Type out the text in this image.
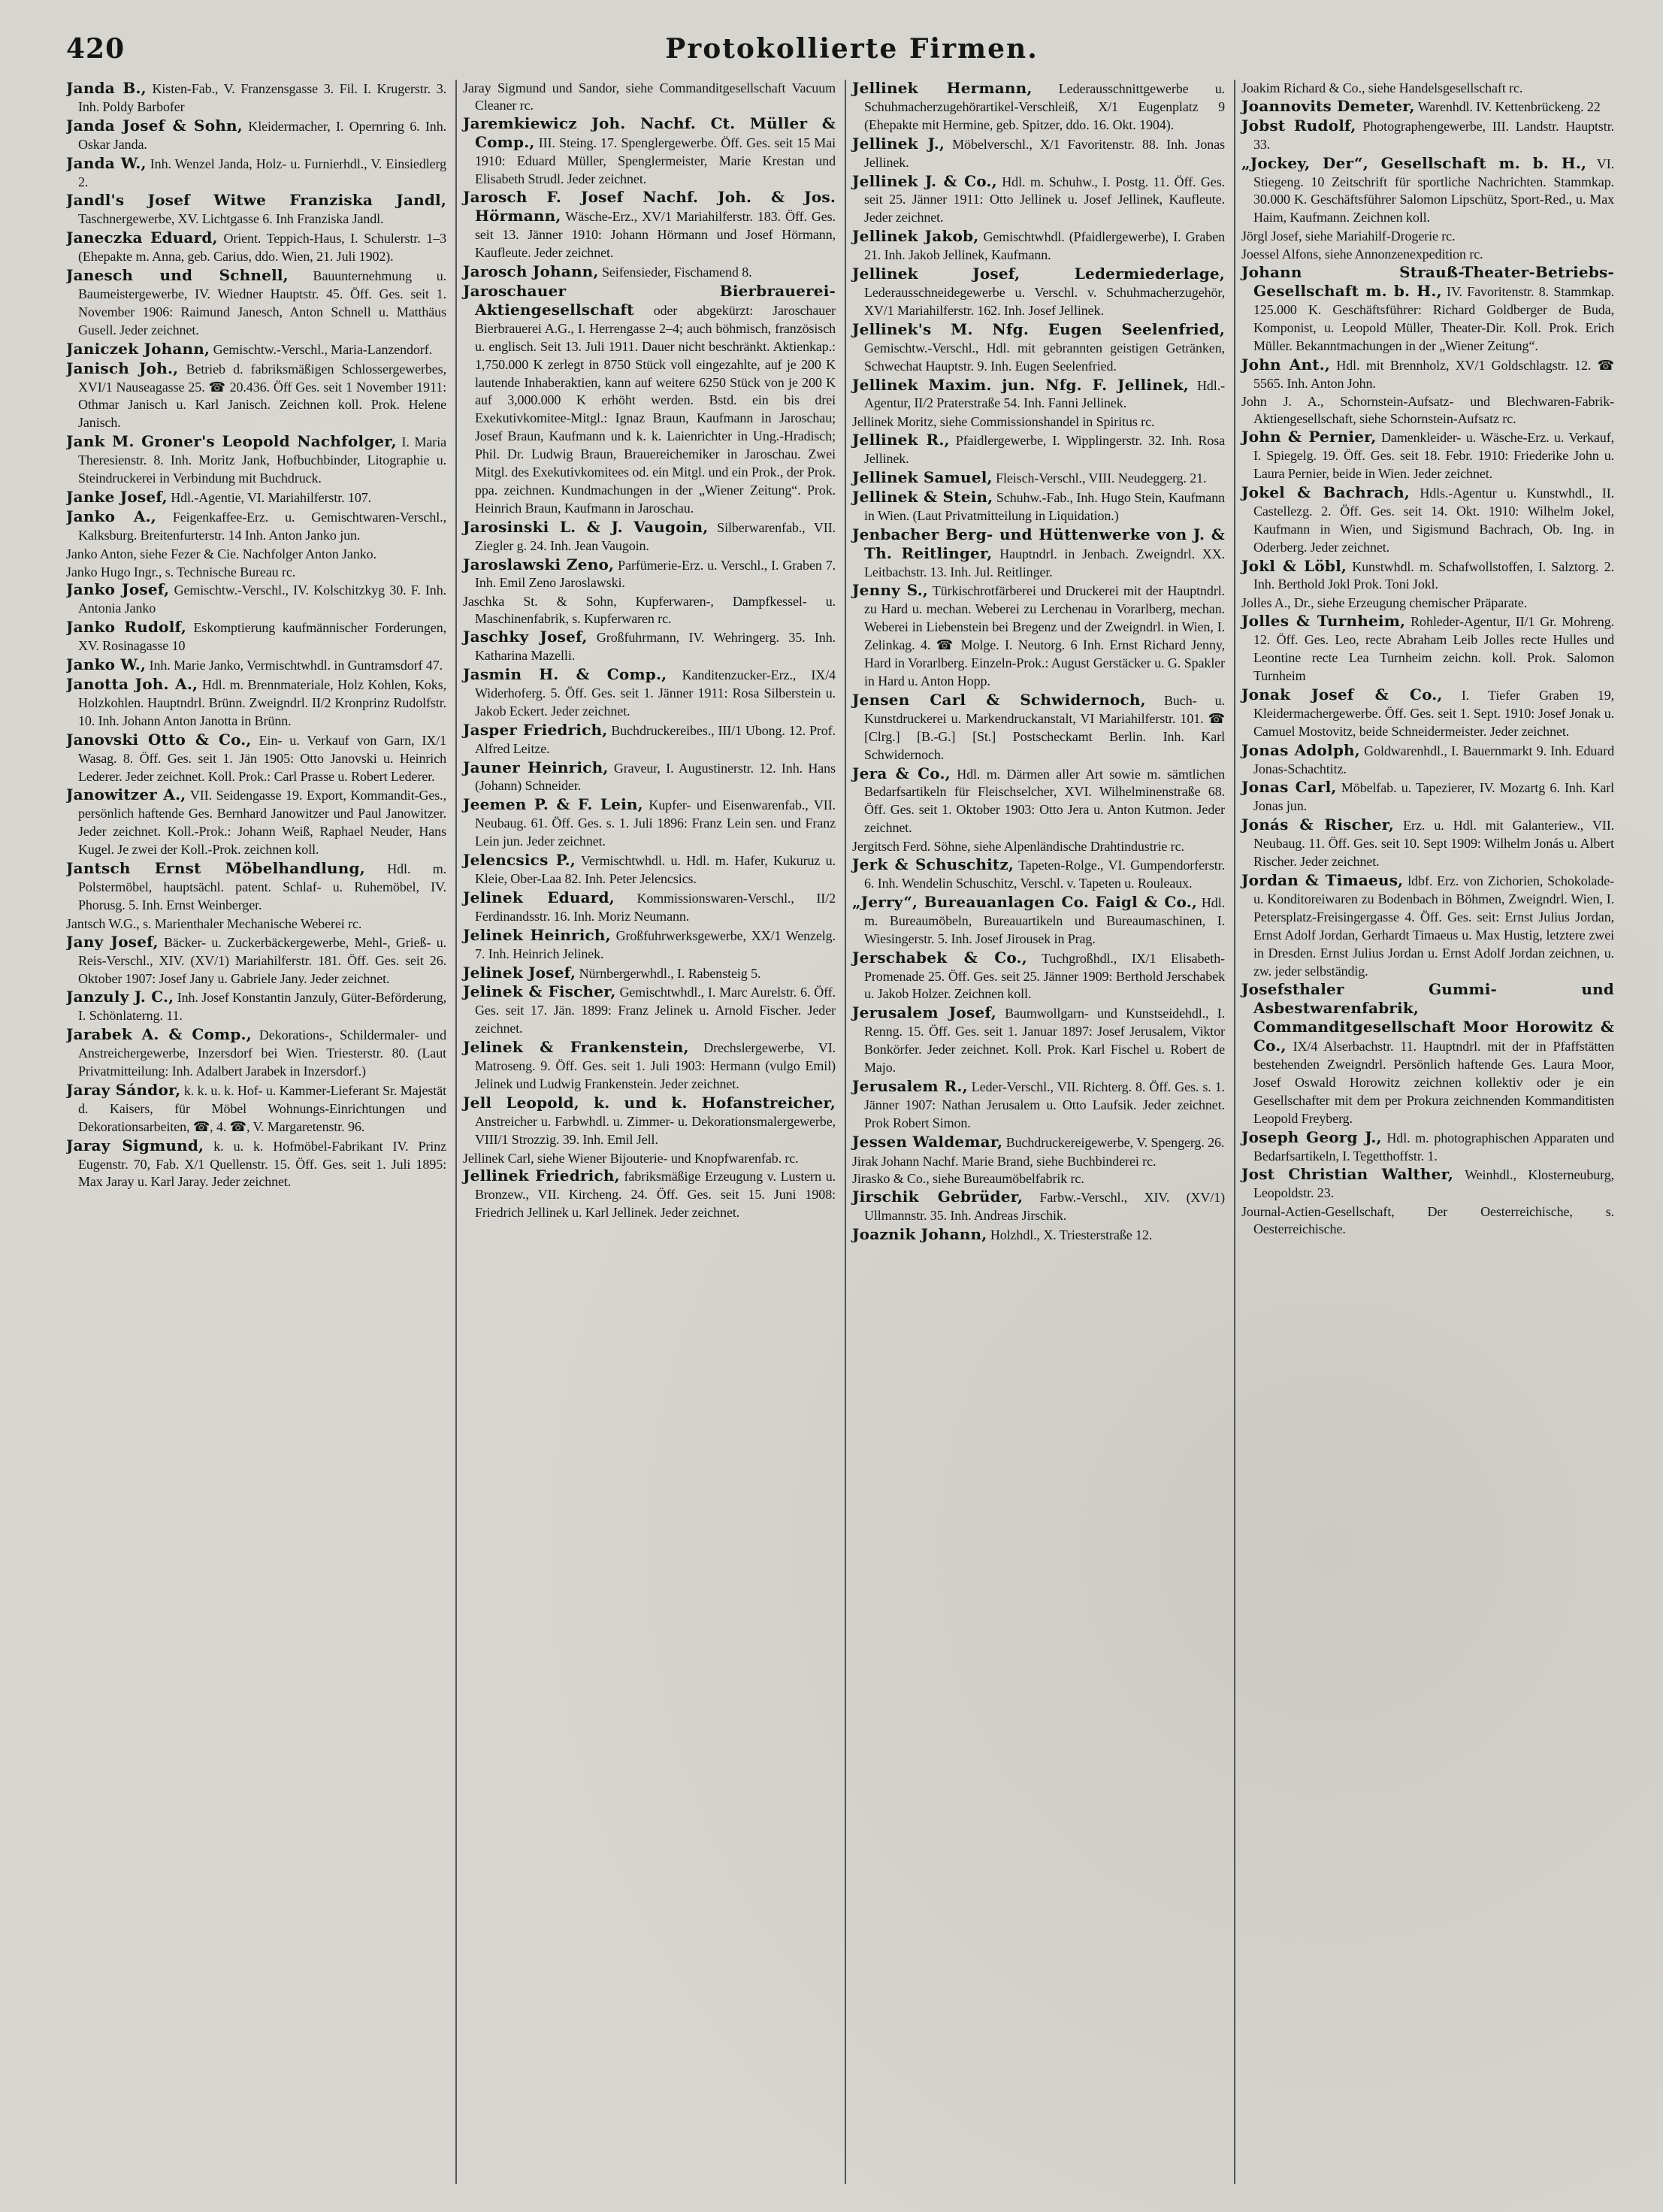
420	Protokollierte Firmen.
Janda B., Kisten-Fab., V. Franzensgasse 3. Fil. I. Krugerstr. 3. Inh. Poldy Barbofer
Janda Josef & Sohn, Kleidermacher, I. Opernring 6. Inh. Oskar Janda.
Janda W., Inh. Wenzel Janda, Holz- u. Furnierhdl., V. Einsiedlerg 2.
Jandl's Josef Witwe Franziska Jandl, Taschnergewerbe, XV. Lichtgasse 6. Inh Franziska Jandl.
Janeczka Eduard, Orient. Teppich-Haus, I. Schulerstr. 1–3 (Ehepakte m. Anna, geb. Carius, ddo. Wien, 21. Juli 1902).
Janesch und Schnell, Bauunternehmung u. Baumeistergewerbe, IV. Wiedner Hauptstr. 45. Öff. Ges. seit 1. November 1906: Raimund Janesch, Anton Schnell u. Matthäus Gusell. Jeder zeichnet.
Janiczek Johann, Gemischtw.-Verschl., Maria-Lanzendorf.
Janisch Joh., Betrieb d. fabriksmäßigen Schlossergewerbes, XVI/1 Nauseagasse 25. ☎ 20.436. Öff Ges. seit 1 November 1911: Othmar Janisch u. Karl Janisch. Zeichnen koll. Prok. Helene Janisch.
Jank M. Groner's Leopold Nachfolger, I. Maria Theresienstr. 8. Inh. Moritz Jank, Hofbuchbinder, Litographie u. Steindruckerei in Verbindung mit Buchdruck.
Janke Josef, Hdl.-Agentie, VI. Mariahilferstr. 107.
Janko A., Feigenkaffee-Erz. u. Gemischtwaren-Verschl., Kalksburg. Breitenfurterstr. 14 Inh. Anton Janko jun.
Janko Anton, siehe Fezer & Cie. Nachfolger Anton Janko.
Janko Hugo Ingr., s. Technische Bureau rc.
Janko Josef, Gemischtw.-Verschl., IV. Kolschitzkyg 30. F. Inh. Antonia Janko
Janko Rudolf, Eskomptierung kaufmännischer Forderungen, XV. Rosinagasse 10
Janko W., Inh. Marie Janko, Vermischtwhdl. in Guntramsdorf 47.
Janotta Joh. A., Hdl. m. Brennmateriale, Holz Kohlen, Koks, Holzkohlen. Hauptndrl. Brünn. Zweigndrl. II/2 Kronprinz Rudolfstr. 10. Inh. Johann Anton Janotta in Brünn.
Janovski Otto & Co., Ein- u. Verkauf von Garn, IX/1 Wasag. 8. Öff. Ges. seit 1. Jän 1905: Otto Janovski u. Heinrich Lederer. Jeder zeichnet. Koll. Prok.: Carl Prasse u. Robert Lederer.
Janowitzer A., VII. Seidengasse 19. Export, Kommandit-Ges., persönlich haftende Ges. Bernhard Janowitzer und Paul Janowitzer. Jeder zeichnet. Koll.-Prok.: Johann Weiß, Raphael Neuder, Hans Kugel. Je zwei der Koll.-Prok. zeichnen koll.
Jantsch Ernst Möbelhandlung, Hdl. m. Polstermöbel, hauptsächl. patent. Schlaf- u. Ruhemöbel, IV. Phorusg. 5. Inh. Ernst Weinberger.
Jantsch W.G., s. Marienthaler Mechanische Weberei rc.
Jany Josef, Bäcker- u. Zuckerbäckergewerbe, Mehl-, Grieß- u. Reis-Verschl., XIV. (XV/1) Mariahilferstr. 181. Öff. Ges. seit 26. Oktober 1907: Josef Jany u. Gabriele Jany. Jeder zeichnet.
Janzuly J. C., Inh. Josef Konstantin Janzuly, Güter-Beförderung, I. Schönlaterng. 11.
Jarabek A. & Comp., Dekorations-, Schildermaler- und Anstreichergewerbe, Inzersdorf bei Wien. Triesterstr. 80. (Laut Privatmitteilung: Inh. Adalbert Jarabek in Inzersdorf.)
Jaray Sándor, k. k. u. k. Hof- u. Kammer-Lieferant Sr. Majestät d. Kaisers, für Möbel Wohnungs-Einrichtungen und Dekorationsarbeiten, ☎, 4. ☎, V. Margaretenstr. 96.
Jaray Sigmund, k. u. k. Hofmöbel-Fabrikant IV. Prinz Eugenstr. 70, Fab. X/1 Quellenstr. 15. Öff. Ges. seit 1. Juli 1895: Max Jaray u. Karl Jaray. Jeder zeichnet.
Jaray Sigmund und Sandor, siehe Commanditgesellschaft Vacuum Cleaner rc.
Jaremkiewicz Joh. Nachf. Ct. Müller & Comp., III. Steing. 17. Spenglergewerbe. Öff. Ges. seit 15 Mai 1910: Eduard Müller, Spenglermeister, Marie Krestan und Elisabeth Strudl. Jeder zeichnet.
Jarosch F. Josef Nachf. Joh. & Jos. Hörmann, Wäsche-Erz., XV/1 Mariahilferstr. 183. Öff. Ges. seit 13. Jänner 1910: Johann Hörmann und Josef Hörmann, Kaufleute. Jeder zeichnet.
Jarosch Johann, Seifensieder, Fischamend 8.
Jaroschauer Bierbrauerei-Aktiengesellschaft oder abgekürzt: Jaroschauer Bierbrauerei A.G., I. Herrengasse 2–4; auch böhmisch, französisch u. englisch. Seit 13. Juli 1911. Dauer nicht beschränkt. Aktienkap.: 1,750.000 K zerlegt in 8750 Stück voll eingezahlte, auf je 200 K lautende Inhaberaktien, kann auf weitere 6250 Stück von je 200 K auf 3,000.000 K erhöht werden. Bstd. ein bis drei Exekutivkomitee-Mitgl.: Ignaz Braun, Kaufmann in Jaroschau; Josef Braun, Kaufmann und k. k. Laienrichter in Ung.-Hradisch; Phil. Dr. Ludwig Braun, Brauereichemiker in Jaroschau. Zwei Mitgl. des Exekutivkomitees od. ein Mitgl. und ein Prok., der Prok. ppa. zeichnen. Kundmachungen in der „Wiener Zeitung“. Prok. Heinrich Braun, Kaufmann in Jaroschau.
Jarosinski L. & J. Vaugoin, Silberwarenfab., VII. Ziegler g. 24. Inh. Jean Vaugoin.
Jaroslawski Zeno, Parfümerie-Erz. u. Verschl., I. Graben 7. Inh. Emil Zeno Jaroslawski.
Jaschka St. & Sohn, Kupferwaren-, Dampfkessel- u. Maschinenfabrik, s. Kupferwaren rc.
Jaschky Josef, Großfuhrmann, IV. Wehringerg. 35. Inh. Katharina Mazelli.
Jasmin H. & Comp., Kanditenzucker-Erz., IX/4 Widerhoferg. 5. Öff. Ges. seit 1. Jänner 1911: Rosa Silberstein u. Jakob Eckert. Jeder zeichnet.
Jasper Friedrich, Buchdruckereibes., III/1 Ubong. 12. Prof. Alfred Leitze.
Jauner Heinrich, Graveur, I. Augustinerstr. 12. Inh. Hans (Johann) Schneider.
Jeemen P. & F. Lein, Kupfer- und Eisenwarenfab., VII. Neubaug. 61. Öff. Ges. s. 1. Juli 1896: Franz Lein sen. und Franz Lein jun. Jeder zeichnet.
Jelencsics P., Vermischtwhdl. u. Hdl. m. Hafer, Kukuruz u. Kleie, Ober-Laa 82. Inh. Peter Jelencsics.
Jelinek Eduard, Kommissionswaren-Verschl., II/2 Ferdinandsstr. 16. Inh. Moriz Neumann.
Jelinek Heinrich, Großfuhrwerksgewerbe, XX/1 Wenzelg. 7. Inh. Heinrich Jelinek.
Jelinek Josef, Nürnbergerwhdl., I. Rabensteig 5.
Jelinek & Fischer, Gemischtwhdl., I. Marc Aurelstr. 6. Öff. Ges. seit 17. Jän. 1899: Franz Jelinek u. Arnold Fischer. Jeder zeichnet.
Jelinek & Frankenstein, Drechslergewerbe, VI. Matroseng. 9. Öff. Ges. seit 1. Juli 1903: Hermann (vulgo Emil) Jelinek und Ludwig Frankenstein. Jeder zeichnet.
Jell Leopold, k. und k. Hofanstreicher, Anstreicher u. Farbwhdl. u. Zimmer- u. Dekorationsmalergewerbe, VIII/1 Strozzig. 39. Inh. Emil Jell.
Jellinek Carl, siehe Wiener Bijouterie- und Knopfwarenfab. rc.
Jellinek Friedrich, fabriksmäßige Erzeugung v. Lustern u. Bronzew., VII. Kircheng. 24. Öff. Ges. seit 15. Juni 1908: Friedrich Jellinek u. Karl Jellinek. Jeder zeichnet.
Jellinek Hermann, Lederausschnittgewerbe u. Schuhmacherzugehörartikel-Verschleiß, X/1 Eugenplatz 9 (Ehepakte mit Hermine, geb. Spitzer, ddo. 16. Okt. 1904).
Jellinek J., Möbelverschl., X/1 Favoritenstr. 88. Inh. Jonas Jellinek.
Jellinek J. & Co., Hdl. m. Schuhw., I. Postg. 11. Öff. Ges. seit 25. Jänner 1911: Otto Jellinek u. Josef Jellinek, Kaufleute. Jeder zeichnet.
Jellinek Jakob, Gemischtwhdl. (Pfaidlergewerbe), I. Graben 21. Inh. Jakob Jellinek, Kaufmann.
Jellinek Josef, Ledermiederlage, Lederausschneidegewerbe u. Verschl. v. Schuhmacherzugehör, XV/1 Mariahilferstr. 162. Inh. Josef Jellinek.
Jellinek's M. Nfg. Eugen Seelenfried, Gemischtw.-Verschl., Hdl. mit gebrannten geistigen Getränken, Schwechat Hauptstr. 9. Inh. Eugen Seelenfried.
Jellinek Maxim. jun. Nfg. F. Jellinek, Hdl.-Agentur, II/2 Praterstraße 54. Inh. Fanni Jellinek.
Jellinek Moritz, siehe Commissionshandel in Spiritus rc.
Jellinek R., Pfaidlergewerbe, I. Wipplingerstr. 32. Inh. Rosa Jellinek.
Jellinek Samuel, Fleisch-Verschl., VIII. Neudeggerg. 21.
Jellinek & Stein, Schuhw.-Fab., Inh. Hugo Stein, Kaufmann in Wien. (Laut Privatmitteilung in Liquidation.)
Jenbacher Berg- und Hüttenwerke von J. & Th. Reitlinger, Hauptndrl. in Jenbach. Zweigndrl. XX. Leitbachstr. 13. Inh. Jul. Reitlinger.
Jenny S., Türkischrotfärberei und Druckerei mit der Hauptndrl. zu Hard u. mechan. Weberei zu Lerchenau in Vorarlberg, mechan. Weberei in Liebenstein bei Bregenz und der Zweigndrl. in Wien, I. Zelinkag. 4. ☎ Molge. I. Neutorg. 6 Inh. Ernst Richard Jenny, Hard in Vorarlberg. Einzeln-Prok.: August Gerstäcker u. G. Spakler in Hard u. Anton Hopp.
Jensen Carl & Schwidernoch, Buch- u. Kunstdruckerei u. Markendruckanstalt, VI Mariahilferstr. 101. ☎ [Clrg.] [B.-G.] [St.] Postscheckamt Berlin. Inh. Karl Schwidernoch.
Jera & Co., Hdl. m. Därmen aller Art sowie m. sämtlichen Bedarfsartikeln für Fleischselcher, XVI. Wilhelminenstraße 68. Öff. Ges. seit 1. Oktober 1903: Otto Jera u. Anton Kutmon. Jeder zeichnet.
Jergitsch Ferd. Söhne, siehe Alpenländische Drahtindustrie rc.
Jerk & Schuschitz, Tapeten-Rolge., VI. Gumpendorferstr. 6. Inh. Wendelin Schuschitz, Verschl. v. Tapeten u. Rouleaux.
„Jerry“, Bureauanlagen Co. Faigl & Co., Hdl. m. Bureaumöbeln, Bureauartikeln und Bureaumaschinen, I. Wiesingerstr. 5. Inh. Josef Jirousek in Prag.
Jerschabek & Co., Tuchgroßhdl., IX/1 Elisabeth-Promenade 25. Öff. Ges. seit 25. Jänner 1909: Berthold Jerschabek u. Jakob Holzer. Zeichnen koll.
Jerusalem Josef, Baumwollgarn- und Kunstseidehdl., I. Renng. 15. Öff. Ges. seit 1. Januar 1897: Josef Jerusalem, Viktor Bonkörfer. Jeder zeichnet. Koll. Prok. Karl Fischel u. Robert de Majo.
Jerusalem R., Leder-Verschl., VII. Richterg. 8. Öff. Ges. s. 1. Jänner 1907: Nathan Jerusalem u. Otto Laufsik. Jeder zeichnet. Prok Robert Simon.
Jessen Waldemar, Buchdruckereigewerbe, V. Spengerg. 26.
Jirak Johann Nachf. Marie Brand, siehe Buchbinderei rc.
Jirasko & Co., siehe Bureaumöbelfabrik rc.
Jirschik Gebrüder, Farbw.-Verschl., XIV. (XV/1) Ullmannstr. 35. Inh. Andreas Jirschik.
Joaznik Johann, Holzhdl., X. Triesterstraße 12.
Joakim Richard & Co., siehe Handelsgesellschaft rc.
Joannovits Demeter, Warenhdl. IV. Kettenbrückeng. 22
Jobst Rudolf, Photographengewerbe, III. Landstr. Hauptstr. 33.
„Jockey, Der“, Gesellschaft m. b. H., VI. Stiegeng. 10 Zeitschrift für sportliche Nachrichten. Stammkap. 30.000 K. Geschäftsführer Salomon Lipschütz, Sport-Red., u. Max Haim, Kaufmann. Zeichnen koll.
Jörgl Josef, siehe Mariahilf-Drogerie rc.
Joessel Alfons, siehe Annonzenexpedition rc.
Johann Strauß-Theater-Betriebs-Gesellschaft m. b. H., IV. Favoritenstr. 8. Stammkap. 125.000 K. Geschäftsführer: Richard Goldberger de Buda, Komponist, u. Leopold Müller, Theater-Dir. Koll. Prok. Erich Müller. Bekanntmachungen in der „Wiener Zeitung“.
John Ant., Hdl. mit Brennholz, XV/1 Goldschlagstr. 12. ☎ 5565. Inh. Anton John.
John J. A., Schornstein-Aufsatz- und Blechwaren-Fabrik-Aktiengesellschaft, siehe Schornstein-Aufsatz rc.
John & Pernier, Damenkleider- u. Wäsche-Erz. u. Verkauf, I. Spiegelg. 19. Öff. Ges. seit 18. Febr. 1910: Friederike John u. Laura Pernier, beide in Wien. Jeder zeichnet.
Jokel & Bachrach, Hdls.-Agentur u. Kunstwhdl., II. Castellezg. 2. Öff. Ges. seit 14. Okt. 1910: Wilhelm Jokel, Kaufmann in Wien, und Sigismund Bachrach, Ob. Ing. in Oderberg. Jeder zeichnet.
Jokl & Löbl, Kunstwhdl. m. Schafwollstoffen, I. Salztorg. 2. Inh. Berthold Jokl Prok. Toni Jokl.
Jolles A., Dr., siehe Erzeugung chemischer Präparate.
Jolles & Turnheim, Rohleder-Agentur, II/1 Gr. Mohreng. 12. Öff. Ges. Leo, recte Abraham Leib Jolles recte Hulles und Leontine recte Lea Turnheim zeichn. koll. Prok. Salomon Turnheim
Jonak Josef & Co., I. Tiefer Graben 19, Kleidermachergewerbe. Öff. Ges. seit 1. Sept. 1910: Josef Jonak u. Camuel Mostovitz, beide Schneidermeister. Jeder zeichnet.
Jonas Adolph, Goldwarenhdl., I. Bauernmarkt 9. Inh. Eduard Jonas-Schachtitz.
Jonas Carl, Möbelfab. u. Tapezierer, IV. Mozartg 6. Inh. Karl Jonas jun.
Jonás & Rischer, Erz. u. Hdl. mit Galanteriew., VII. Neubaug. 11. Öff. Ges. seit 10. Sept 1909: Wilhelm Jonás u. Albert Rischer. Jeder zeichnet.
Jordan & Timaeus, ldbf. Erz. von Zichorien, Schokolade- u. Konditoreiwaren zu Bodenbach in Böhmen, Zweigndrl. Wien, I. Petersplatz-Freisingergasse 4. Öff. Ges. seit: Ernst Julius Jordan, Ernst Adolf Jordan, Gerhardt Timaeus u. Max Hustig, letztere zwei in Dresden. Ernst Julius Jordan u. Ernst Adolf Jordan zeichnen, u. zw. jeder selbständig.
Josefsthaler Gummi- und Asbestwarenfabrik, Commanditgesellschaft Moor Horowitz & Co., IX/4 Alserbachstr. 11. Hauptndrl. mit der in Pfaffstätten bestehenden Zweigndrl. Persönlich haftende Ges. Laura Moor, Josef Oswald Horowitz zeichnen kollektiv oder je ein Gesellschafter mit dem per Prokura zeichnenden Kommanditisten Leopold Freyberg.
Joseph Georg J., Hdl. m. photographischen Apparaten und Bedarfsartikeln, I. Tegetthoffstr. 1.
Jost Christian Walther, Weinhdl., Klosterneuburg, Leopoldstr. 23.
Journal-Actien-Gesellschaft, Der Oesterreichische, s. Oesterreichische.
